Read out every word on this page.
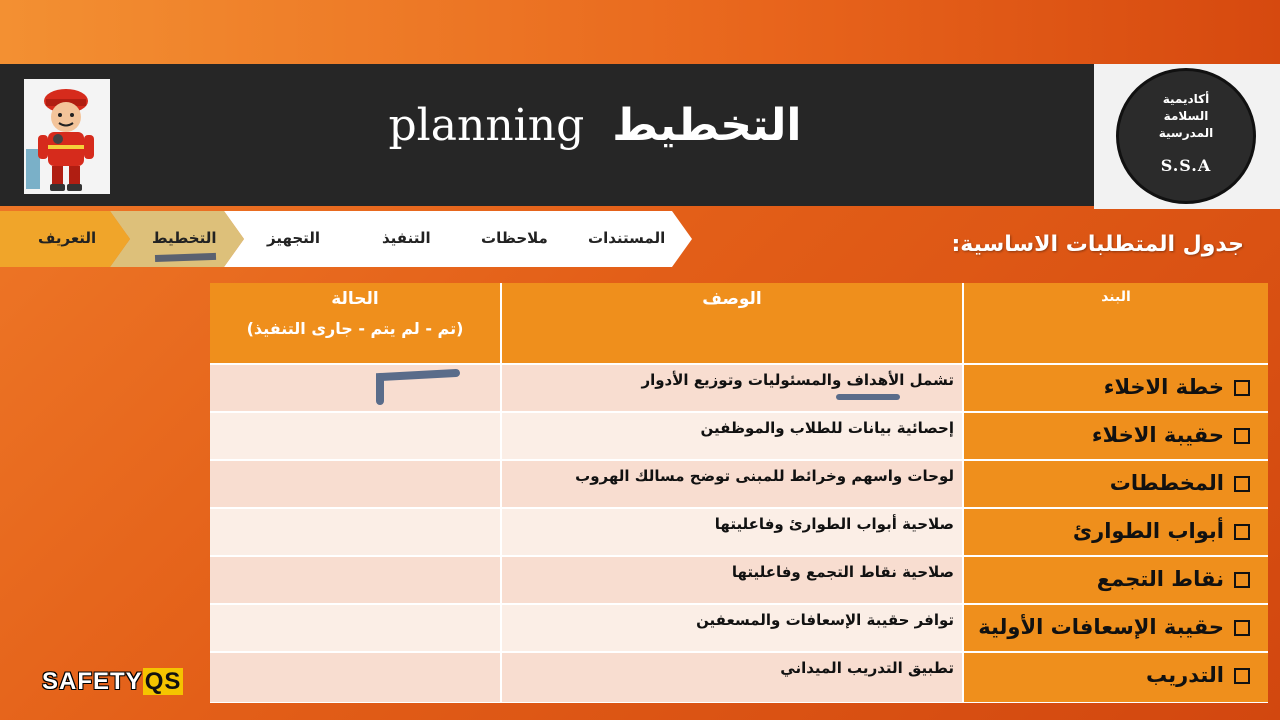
planning التخطيط
أكاديمية
السلامة
المدرسية
S.S.A
التعريف	التخطيط	التجهيز	التنفيذ	ملاحظات	المستندات	جدول المتطلبات الاساسية:
الحالة
(تم - لم يتم - جارى التنفيذ)
الوصف	البند
تشمل الأهداف والمسئوليات وتوزيع الأدوار	خطة الاخلاء
إحصائية بيانات للطلاب والموظفين	حقيبة الاخلاء
لوحات واسهم وخرائط للمبنى توضح مسالك الهروب	المخططات
صلاحية أبواب الطوارئ وفاعليتها	أبواب الطوارئ
صلاحية نقاط التجمع وفاعليتها	نقاط التجمع
توافر حقيبة الإسعافات والمسعفين	حقيبة الإسعافات الأولية
تطبيق التدريب الميداني	التدريب
SAFETYQS
